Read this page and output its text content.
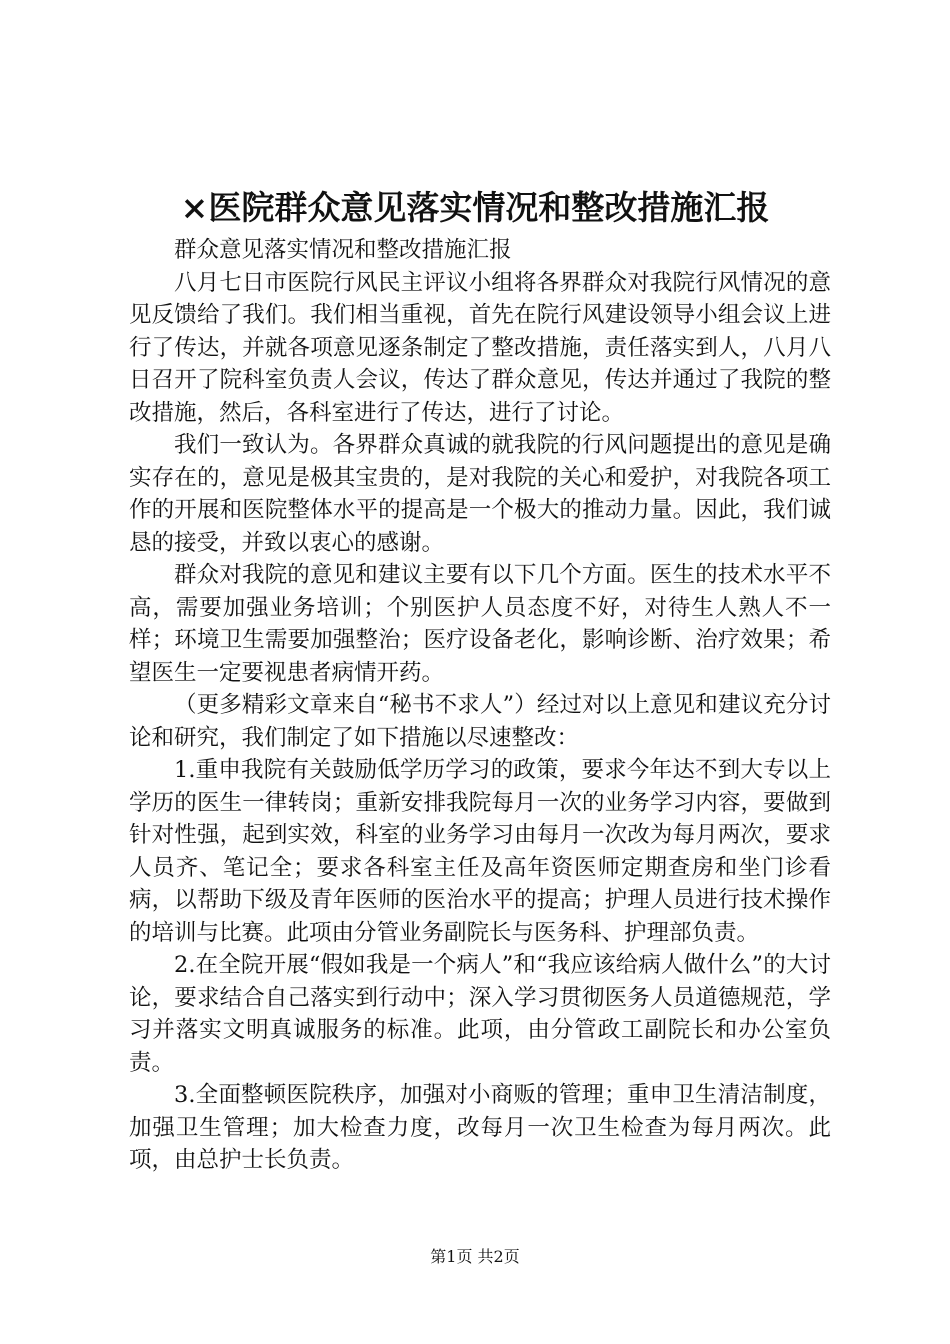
×医院群众意见落实情况和整改措施汇报

群众意见落实情况和整改措施汇报

八月七日市医院行风民主评议小组将各界群众对我院行风情况的意见反馈给了我们。我们相当重视，首先在院行风建设领导小组会议上进行了传达，并就各项意见逐条制定了整改措施，责任落实到人，八月八日召开了院科室负责人会议，传达了群众意见，传达并通过了我院的整改措施，然后，各科室进行了传达，进行了讨论。

我们一致认为。各界群众真诚的就我院的行风问题提出的意见是确实存在的，意见是极其宝贵的，是对我院的关心和爱护，对我院各项工作的开展和医院整体水平的提高是一个极大的推动力量。因此，我们诚恳的接受，并致以衷心的感谢。

群众对我院的意见和建议主要有以下几个方面。医生的技术水平不高，需要加强业务培训；个别医护人员态度不好，对待生人熟人不一样；环境卫生需要加强整治；医疗设备老化，影响诊断、治疗效果；希望医生一定要视患者病情开药。

（更多精彩文章来自“秘书不求人”）经过对以上意见和建议充分讨论和研究，我们制定了如下措施以尽速整改：

1.重申我院有关鼓励低学历学习的政策，要求今年达不到大专以上学历的医生一律转岗；重新安排我院每月一次的业务学习内容，要做到针对性强，起到实效，科室的业务学习由每月一次改为每月两次，要求人员齐、笔记全；要求各科室主任及高年资医师定期查房和坐门诊看病，以帮助下级及青年医师的医治水平的提高；护理人员进行技术操作的培训与比赛。此项由分管业务副院长与医务科、护理部负责。

2.在全院开展“假如我是一个病人”和“我应该给病人做什么”的大讨论，要求结合自己落实到行动中；深入学习贯彻医务人员道德规范，学习并落实文明真诚服务的标准。此项，由分管政工副院长和办公室负责。

3.全面整顿医院秩序，加强对小商贩的管理；重申卫生清洁制度，加强卫生管理；加大检查力度，改每月一次卫生检查为每月两次。此项，由总护士长负责。

第1页 共2页
